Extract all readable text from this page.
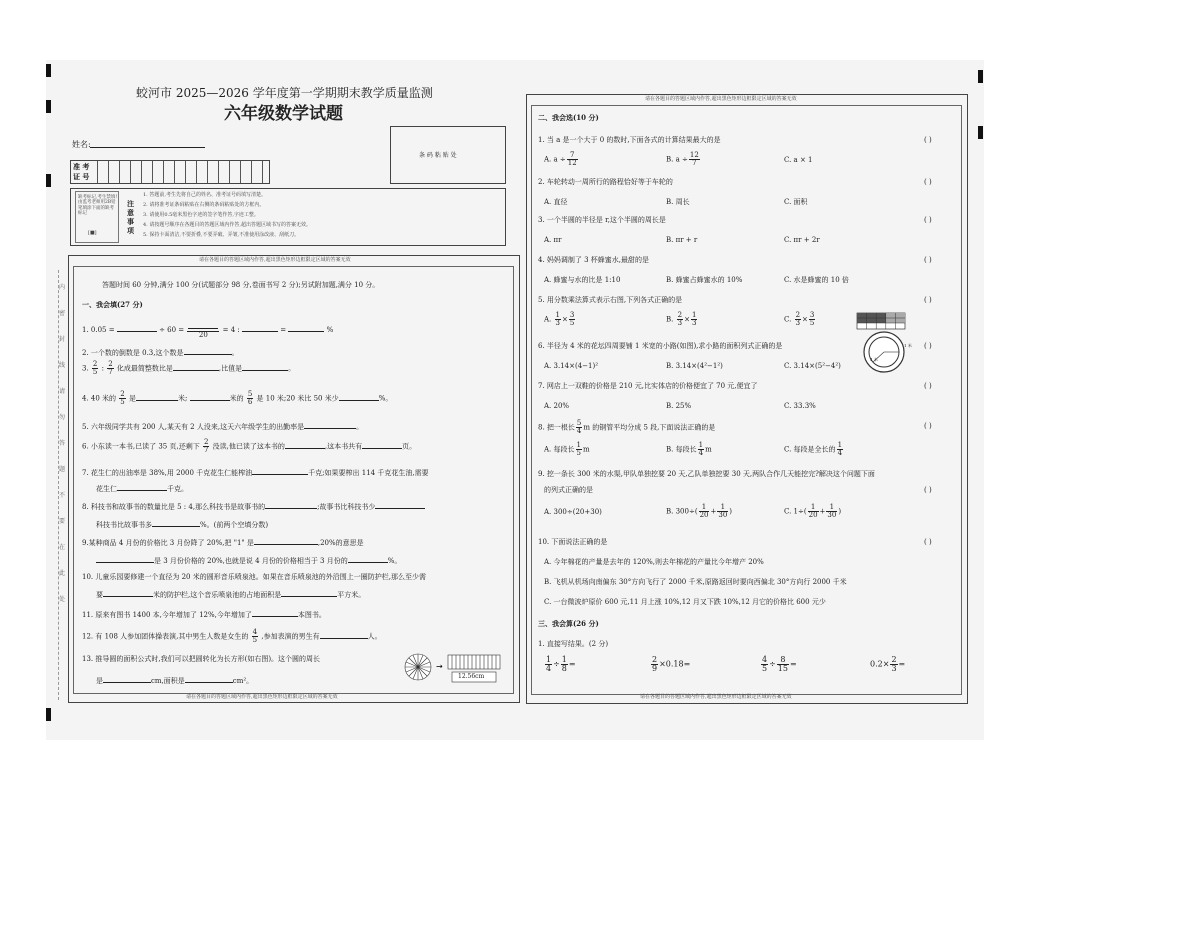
蛟河市 2025—2026 学年度第一学期期末教学质量监测
六年级数学试题
姓名:
准 考
证 号
条 码 粘 贴 处
缺考标记,考生禁填!由监考老师用2B铅笔填涂下面的缺考标记
[■]
注意事项
1. 答题前,考生先将自己的姓名、准考证号码填写清楚。
2. 请将准考证条码粘贴在右侧的条码粘贴处的方框内。
3. 请使用0.5毫米黑色字迹的签字笔作答,字迹工整。
4. 请按题号顺序在各题目的答题区域内作答,超出答题区域书写的答案无效。
5. 保持卡面清洁,不要折叠,不要弄破、弄皱,不准使用涂改液、刮纸刀。
内
密
封
线
请
勿
答
题
不
要
在
此
处
请在各题目的答题区域内作答,超出黑色矩形边框限定区域的答案无效
答题时间 60 分钟,满分 100 分(试题部分 98 分,卷面书写 2 分);另试附加题,满分 10 分。
一、我会填(27 分)
1. 0.05 =	÷ 60 =
20
= 4 :	=	%
2. 一个数的倒数是 0.3,这个数是	。
3. $\frac{2}{5}$ : $\frac{2}{7}$ 化成最简整数比是	,比值是	。
4. 40 米的 $\frac{2}{5}$ 是	米;	米的 $\frac{5}{6}$ 是 10 米;20 米比 50 米少	%。
5. 六年级同学共有 200 人,某天有 2 人没来,这天六年级学生的出勤率是	。
6. 小东读一本书,已读了 35 页,还剩下 $\frac{2}{7}$ 没读,他已读了这本书的	,这本书共有	页。
7. 花生仁的出油率是 38%,用 2000 千克花生仁能榨油	千克;如果要榨出 114 千克花生油,需要
花生仁	千克。
8. 科技书和故事书的数量比是 5 : 4,那么科技书是故事书的	;故事书比科技书少
科技书比故事书多	%。(前两个空填分数)
9.某种商品 4 月份的价格比 3 月份降了 20%,把 "1" 是	,20%的意思是
是 3 月份价格的 20%,也就是说 4 月份的价格相当于 3 月份的	%。
10. 儿童乐园要修建一个直径为 20 米的圆形音乐喷泉池。如果在音乐喷泉池的外沿围上一圈防护栏,那么至少需
要	米的防护栏,这个音乐喷泉池的占地面积是	平方米。
11. 原来有图书 1400 本,今年增加了 12%,今年增加了	本图书。
12. 有 108 人参加团体操表演,其中男生人数是女生的 $\frac{4}{5}$ ,参加表演的男生有	人。
13. 推导圆的面积公式时,我们可以把圆转化为长方形(如右图)。这个圆的周长
是	cm,面积是	cm²。
→
12.56cm
请在各题目的答题区域内作答,超出黑色矩形边框限定区域的答案无效
请在各题目的答题区域内作答,超出黑色矩形边框限定区域的答案无效
二、我会选(10 分)
1. 当 a 是一个大于 0 的数时,下面各式的计算结果最大的是	( )
A. $a \div \frac{7}{12}$	B. $a \div \frac{12}{7}$	C. a × 1
2. 车轮转动一周所行的路程恰好等于车轮的	( )
A. 直径	B. 周长	C. 面积
3. 一个半圆的半径是 r,这个半圆的周长是	( )
A. πr	B. πr + r	C. πr + 2r
4. 妈妈调制了 3 杯蜂蜜水,最甜的是	( )
A. 蜂蜜与水的比是 1:10	B. 蜂蜜占蜂蜜水的 10%	C. 水是蜂蜜的 10 倍
5. 用分数乘法算式表示右图,下列各式正确的是	( )
A. $\frac{1}{3} \times \frac{3}{5}$	B. $\frac{2}{3} \times \frac{1}{3}$	C. $\frac{2}{3} \times \frac{3}{5}$
6. 半径为 4 米的花坛四周要铺 1 米宽的小路(如图),求小路的面积列式正确的是	( )
A. 3.14×(4−1)²	B. 3.14×(4²−1²)	C. 3.14×(5²−4²)
4 米
1 米
7. 网店上一双鞋的价格是 210 元,比实体店的价格便宜了 70 元,便宜了	( )
A. 20%	B. 25%	C. 33.3%
8. 把一根长 $\frac{5}{4}$ m 的钢管平均分成 5 段,下面说法正确的是	( )
A. 每段长 $\frac{1}{5}$ m	B. 每段长 $\frac{1}{4}$ m	C. 每段是全长的 $\frac{1}{4}$
9. 挖一条长 300 米的水渠,甲队单独挖要 20 天,乙队单独挖要 30 天,两队合作几天能挖完?解决这个问题下面
的列式正确的是	( )
A. 300÷(20+30)	B. $300\div( \frac{1}{20} + \frac{1}{30}$ )	C. $1\div( \frac{1}{20} + \frac{1}{30}$ )
10. 下面说法正确的是	( )
A. 今年棉花的产量是去年的 120%,则去年棉花的产量比今年增产 20%
B. 飞机从机场向南偏东 30°方向飞行了 2000 千米,原路返回时要向西偏北 30°方向行 2000 千米
C. 一台微波炉原价 600 元,11 月上涨 10%,12 月又下跌 10%,12 月它的价格比 600 元少
三、我会算(26 分)
1. 直接写结果。(2 分)
$\frac{1}{4} \div \frac{1}{8}$ =	$\frac{2}{9} \times 0.18=$	$\frac{4}{5} \div \frac{8}{15}$ =	$0.2\times \frac{2}{3}$ =
请在各题目的答题区域内作答,超出黑色矩形边框限定区域的答案无效
